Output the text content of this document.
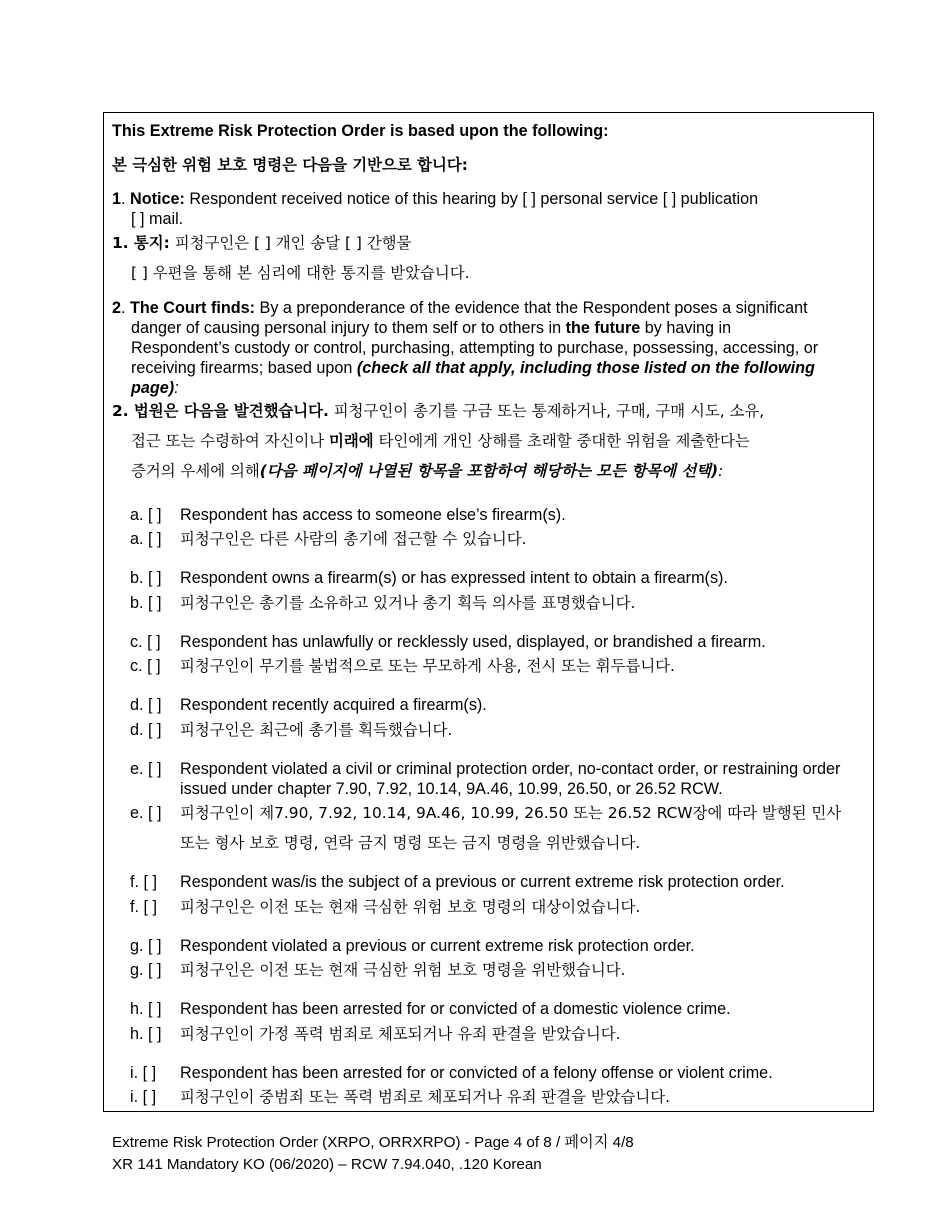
This Extreme Risk Protection Order is based upon the following:
본 극심한 위험 보호 명령은 다음을 기반으로 합니다:
1. Notice: Respondent received notice of this hearing by [ ] personal service [ ] publication
[ ] mail.
1. 통지: 피청구인은 [ ] 개인 송달 [ ] 간행물
[ ] 우편을 통해 본 심리에 대한 통지를 받았습니다.
2. The Court finds: By a preponderance of the evidence that the Respondent poses a significant
danger of causing personal injury to them self or to others in the future by having in
Respondent’s custody or control, purchasing, attempting to purchase, possessing, accessing, or
receiving firearms; based upon (check all that apply, including those listed on the following
page):
2. 법원은 다음을 발견했습니다. 피청구인이 총기를 구금 또는 통제하거나, 구매, 구매 시도, 소유,
접근 또는 수령하여 자신이나 미래에 타인에게 개인 상해를 초래할 중대한 위험을 제출한다는
증거의 우세에 의해(다음 페이지에 나열된 항목을 포함하여 해당하는 모든 항목에 선택):
a. [ ] Respondent has access to someone else’s firearm(s).
a. [ ] 피청구인은 다른 사람의 총기에 접근할 수 있습니다.
b. [ ] Respondent owns a firearm(s) or has expressed intent to obtain a firearm(s).
b. [ ] 피청구인은 총기를 소유하고 있거나 총기 획득 의사를 표명했습니다.
c. [ ] Respondent has unlawfully or recklessly used, displayed, or brandished a firearm.
c. [ ] 피청구인이 무기를 불법적으로 또는 무모하게 사용, 전시 또는 휘두릅니다.
d. [ ] Respondent recently acquired a firearm(s).
d. [ ] 피청구인은 최근에 총기를 획득했습니다.
e. [ ] Respondent violated a civil or criminal protection order, no-contact order, or restraining order
issued under chapter 7.90, 7.92, 10.14, 9A.46, 10.99, 26.50, or 26.52 RCW.
e. [ ] 피청구인이 제7.90, 7.92, 10.14, 9A.46, 10.99, 26.50 또는 26.52 RCW장에 따라 발행된 민사
또는 형사 보호 명령, 연락 금지 명령 또는 금지 명령을 위반했습니다.
f. [ ] Respondent was/is the subject of a previous or current extreme risk protection order.
f. [ ] 피청구인은 이전 또는 현재 극심한 위험 보호 명령의 대상이었습니다.
g. [ ] Respondent violated a previous or current extreme risk protection order.
g. [ ] 피청구인은 이전 또는 현재 극심한 위험 보호 명령을 위반했습니다.
h. [ ] Respondent has been arrested for or convicted of a domestic violence crime.
h. [ ] 피청구인이 가정 폭력 범죄로 체포되거나 유죄 판결을 받았습니다.
i. [ ] Respondent has been arrested for or convicted of a felony offense or violent crime.
i. [ ] 피청구인이 중범죄 또는 폭력 범죄로 체포되거나 유죄 판결을 받았습니다.
Extreme Risk Protection Order (XRPO, ORRXRPO) - Page 4 of 8 / 페이지 4/8
XR 141 Mandatory KO (06/2020) – RCW 7.94.040, .120 Korean
